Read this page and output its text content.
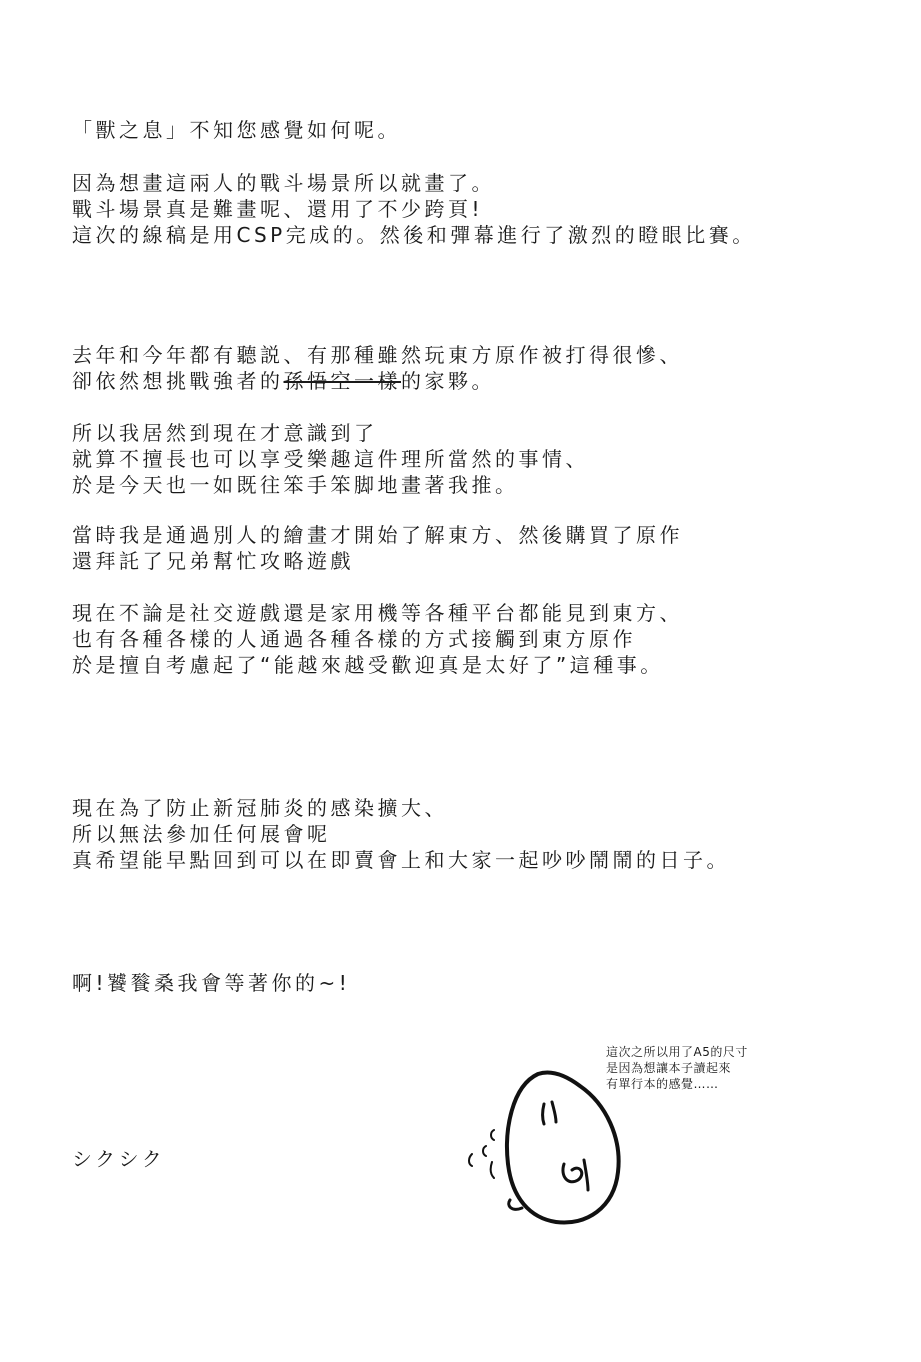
「獸之息」不知您感覺如何呢。
因為想畫這兩人的戰斗場景所以就畫了。
戰斗場景真是難畫呢、還用了不少跨頁!
這次的線稿是用CSP完成的。然後和彈幕進行了激烈的瞪眼比賽。
去年和今年都有聽説、有那種雖然玩東方原作被打得很慘、
卻依然想挑戰強者的孫悟空一樣的家夥。
所以我居然到現在才意識到了
就算不擅長也可以享受樂趣這件理所當然的事情、
於是今天也一如既往笨手笨脚地畫著我推。
當時我是通過別人的繪畫才開始了解東方、然後購買了原作
還拜託了兄弟幫忙攻略遊戲
現在不論是社交遊戲還是家用機等各種平台都能見到東方、
也有各種各樣的人通過各種各樣的方式接觸到東方原作
於是擅自考慮起了“能越來越受歡迎真是太好了”這種事。
現在為了防止新冠肺炎的感染擴大、
所以無法參加任何展會呢
真希望能早點回到可以在即賣會上和大家一起吵吵鬧鬧的日子。
啊!饕餮桑我會等著你的~!
シクシク
這次之所以用了A5的尺寸
是因為想讓本子讀起來
有單行本的感覺……
